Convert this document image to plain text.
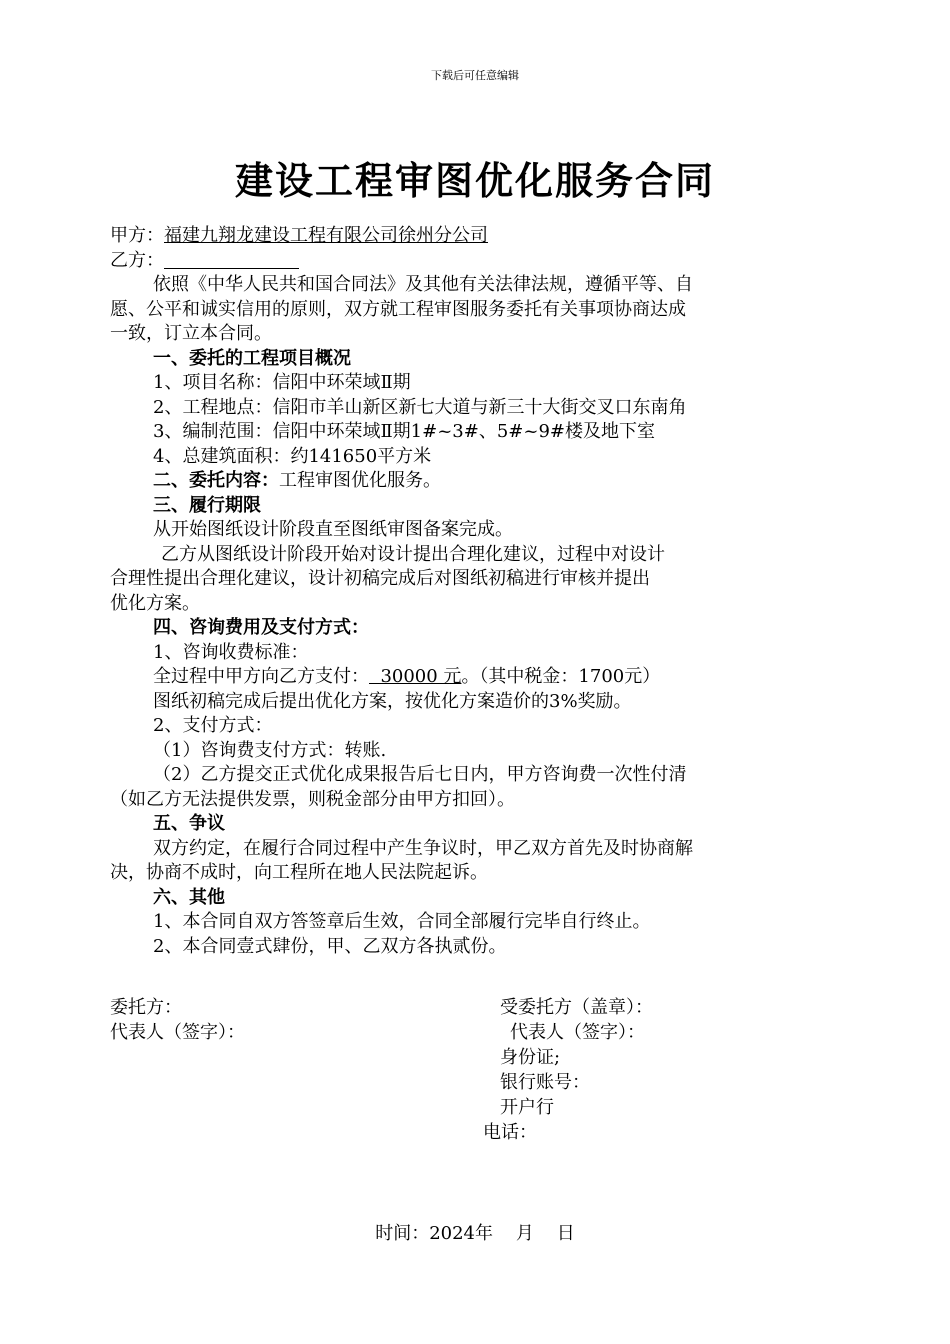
下载后可任意编辑
建设工程审图优化服务合同
甲方：福建九翔龙建设工程有限公司徐州分公司
乙方：
依照《中华人民共和国合同法》及其他有关法律法规，遵循平等、自
愿、公平和诚实信用的原则，双方就工程审图服务委托有关事项协商达成
一致，订立本合同。
一、委托的工程项目概况
1、项目名称：信阳中环荣域Ⅱ期
2、工程地点：信阳市羊山新区新七大道与新三十大街交叉口东南角
3、编制范围：信阳中环荣域Ⅱ期1#~3#、5#~9#楼及地下室
4、总建筑面积：约141650平方米
二、委托内容：工程审图优化服务。
三、履行期限
从开始图纸设计阶段直至图纸审图备案完成。
乙方从图纸设计阶段开始对设计提出合理化建议，过程中对设计
合理性提出合理化建议，设计初稿完成后对图纸初稿进行审核并提出
优化方案。
四、咨询费用及支付方式：
1、咨询收费标准：
全过程中甲方向乙方支付：  30000 元。（其中税金：1700元）
图纸初稿完成后提出优化方案，按优化方案造价的3%奖励。
2、支付方式：
（1）咨询费支付方式：转账.
（2）乙方提交正式优化成果报告后七日内，甲方咨询费一次性付清
（如乙方无法提供发票，则税金部分由甲方扣回）。
五、争议
双方约定，在履行合同过程中产生争议时，甲乙双方首先及时协商解
决，协商不成时，向工程所在地人民法院起诉。
六、其他
1、本合同自双方答签章后生效，合同全部履行完毕自行终止。
2、本合同壹式肆份，甲、乙双方各执贰份。
委托方：
代表人（签字）：
受委托方（盖章）：
代表人（签字）：
身份证;
银行账号：
开户行
电话：
时间：2024年    月    日
